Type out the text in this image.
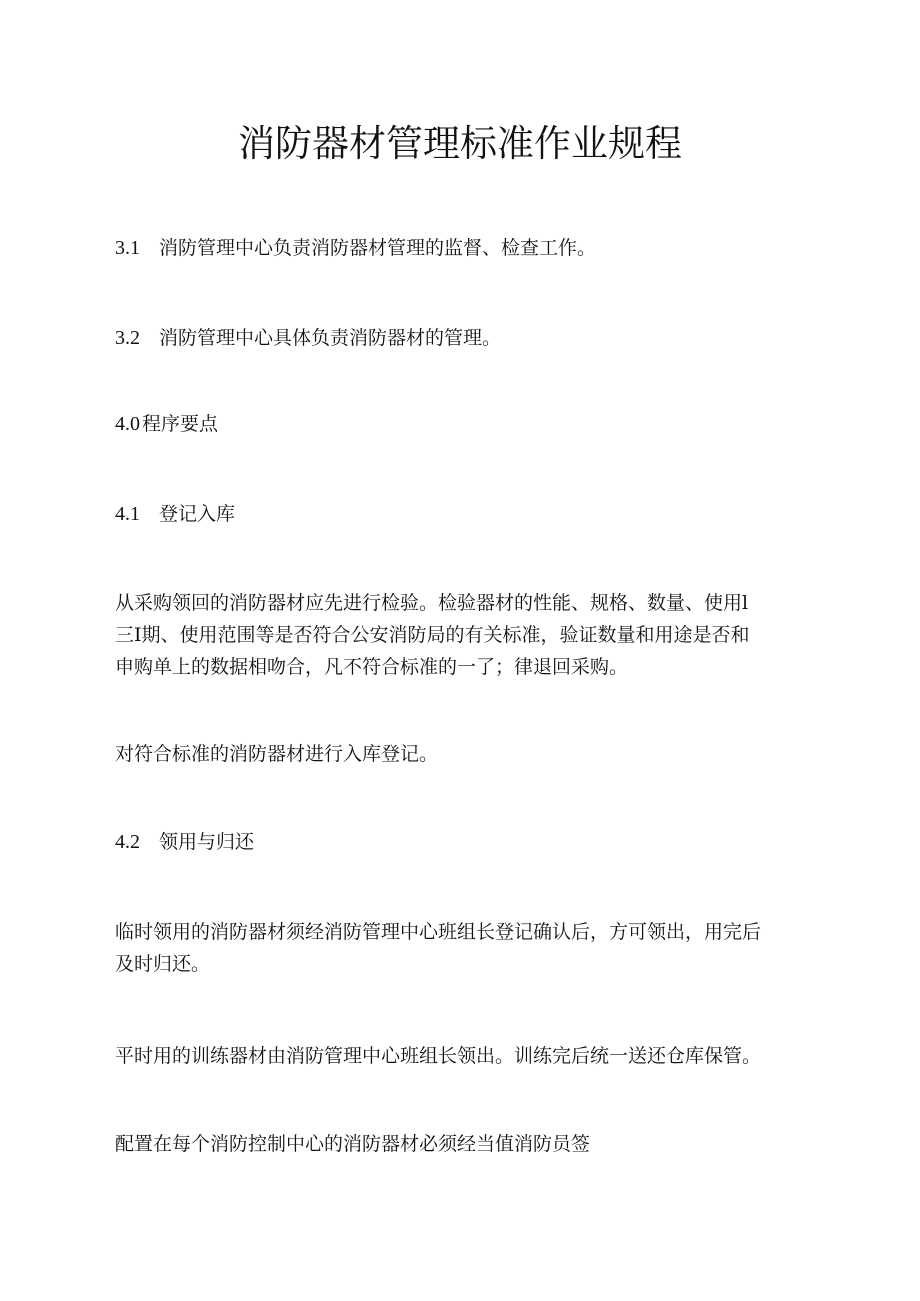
消防器材管理标准作业规程

3.1 消防管理中心负责消防器材管理的监督、检查工作。

3.2 消防管理中心具体负责消防器材的管理。

4.0 程序要点

4.1 登记入库

从采购领回的消防器材应先进行检验。检验器材的性能、规格、数量、使用l
三I期、使用范围等是否符合公安消防局的有关标准，验证数量和用途是否和
申购单上的数据相吻合，凡不符合标准的一了；律退回采购。

对符合标准的消防器材进行入库登记。

4.2 领用与归还

临时领用的消防器材须经消防管理中心班组长登记确认后，方可领出，用完后
及时归还。

平时用的训练器材由消防管理中心班组长领出。训练完后统一送还仓库保管。

配置在每个消防控制中心的消防器材必须经当值消防员签
